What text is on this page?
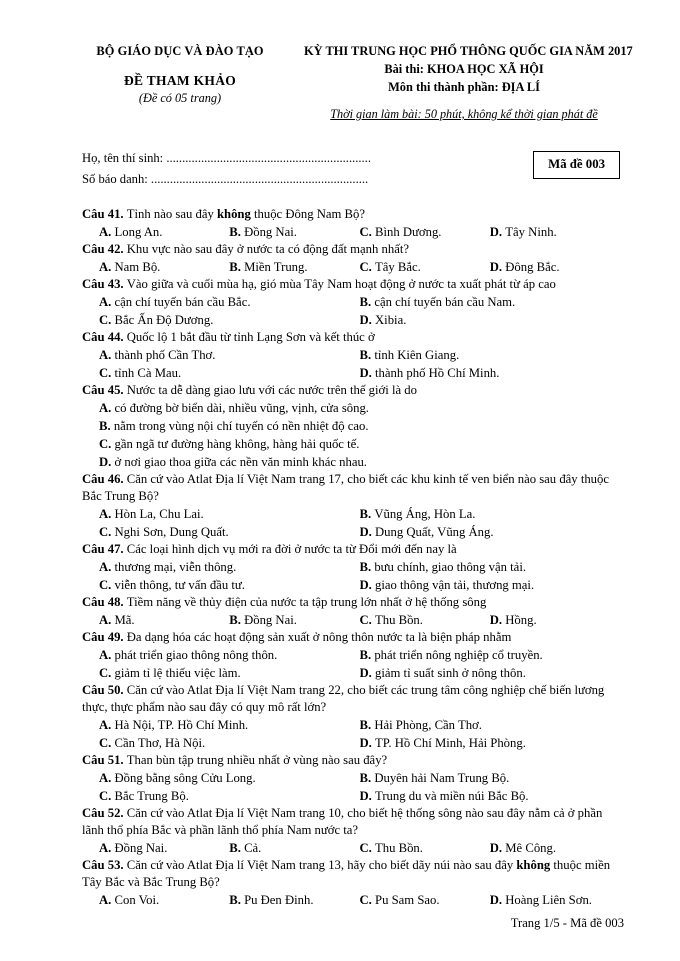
BỘ GIÁO DỤC VÀ ĐÀO TẠO
ĐỀ THAM KHẢO
(Đề có 05 trang)
KỲ THI TRUNG HỌC PHỔ THÔNG QUỐC GIA NĂM 2017
Bài thi: KHOA HỌC XÃ HỘI
Môn thi thành phần: ĐỊA LÍ
Thời gian làm bài: 50 phút, không kể thời gian phát đề
Họ, tên thí sinh: .................................................................
Số báo danh: .....................................................................
Mã đề 003
Câu 41. Tỉnh nào sau đây không thuộc Đông Nam Bộ?
A. Long An.	B. Đồng Nai.	C. Bình Dương.	D. Tây Ninh.
Câu 42. Khu vực nào sau đây ở nước ta có động đất mạnh nhất?
A. Nam Bộ.	B. Miền Trung.	C. Tây Bắc.	D. Đông Bắc.
Câu 43. Vào giữa và cuối mùa hạ, gió mùa Tây Nam hoạt động ở nước ta xuất phát từ áp cao
A. cận chí tuyến bán cầu Bắc.	B. cận chí tuyến bán cầu Nam.
C. Bắc Ấn Độ Dương.	D. Xibia.
Câu 44. Quốc lộ 1 bắt đầu từ tỉnh Lạng Sơn và kết thúc ở
A. thành phố Cần Thơ.	B. tỉnh Kiên Giang.
C. tỉnh Cà Mau.	D. thành phố Hồ Chí Minh.
Câu 45. Nước ta dễ dàng giao lưu với các nước trên thế giới là do
A. có đường bờ biển dài, nhiều vũng, vịnh, cửa sông.
B. nằm trong vùng nội chí tuyến có nền nhiệt độ cao.
C. gần ngã tư đường hàng không, hàng hải quốc tế.
D. ở nơi giao thoa giữa các nền văn minh khác nhau.
Câu 46. Căn cứ vào Atlat Địa lí Việt Nam trang 17, cho biết các khu kinh tế ven biển nào sau đây thuộc Bắc Trung Bộ?
A. Hòn La, Chu Lai.	B. Vũng Áng, Hòn La.
C. Nghi Sơn, Dung Quất.	D. Dung Quất, Vũng Áng.
Câu 47. Các loại hình dịch vụ mới ra đời ở nước ta từ Đổi mới đến nay là
A. thương mại, viễn thông.	B. bưu chính, giao thông vận tải.
C. viễn thông, tư vấn đầu tư.	D. giao thông vận tải, thương mại.
Câu 48. Tiềm năng về thủy điện của nước ta tập trung lớn nhất ở hệ thống sông
A. Mã.	B. Đồng Nai.	C. Thu Bồn.	D. Hồng.
Câu 49. Đa dạng hóa các hoạt động sản xuất ở nông thôn nước ta là biện pháp nhằm
A. phát triển giao thông nông thôn.	B. phát triển nông nghiệp cổ truyền.
C. giảm tỉ lệ thiếu việc làm.	D. giảm tỉ suất sinh ở nông thôn.
Câu 50. Căn cứ vào Atlat Địa lí Việt Nam trang 22, cho biết các trung tâm công nghiệp chế biến lương thực, thực phẩm nào sau đây có quy mô rất lớn?
A. Hà Nội, TP. Hồ Chí Minh.	B. Hải Phòng, Cần Thơ.
C. Cần Thơ, Hà Nội.	D. TP. Hồ Chí Minh, Hải Phòng.
Câu 51. Than bùn tập trung nhiều nhất ở vùng nào sau đây?
A. Đồng bằng sông Cửu Long.	B. Duyên hải Nam Trung Bộ.
C. Bắc Trung Bộ.	D. Trung du và miền núi Bắc Bộ.
Câu 52. Căn cứ vào Atlat Địa lí Việt Nam trang 10, cho biết hệ thống sông nào sau đây nằm cả ở phần lãnh thổ phía Bắc và phần lãnh thổ phía Nam nước ta?
A. Đồng Nai.	B. Cả.	C. Thu Bồn.	D. Mê Công.
Câu 53. Căn cứ vào Atlat Địa lí Việt Nam trang 13, hãy cho biết dãy núi nào sau đây không thuộc miền Tây Bắc và Bắc Trung Bộ?
A. Con Voi.	B. Pu Đen Đinh.	C. Pu Sam Sao.	D. Hoàng Liên Sơn.
Trang 1/5 - Mã đề 003
